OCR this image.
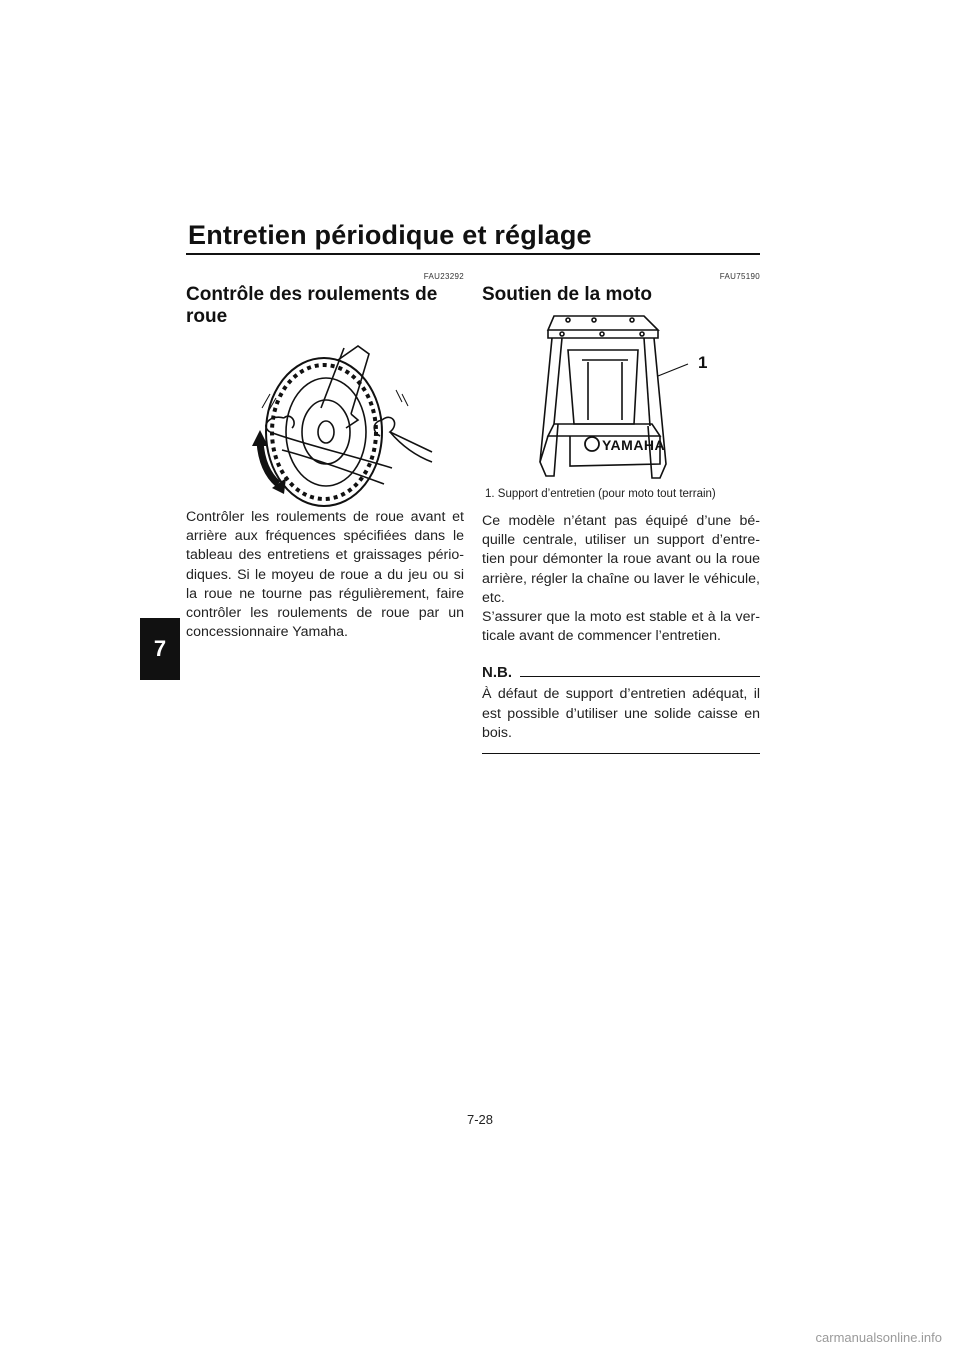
Entretien périodique et réglage
7
FAU23292
Contrôle des roulements de roue

Contrôler les roulements de roue avant et arrière aux fréquences spécifiées dans le tableau des entretiens et graissages pério-diques. Si le moyeu de roue a du jeu ou si la roue ne tourne pas régulièrement, faire contrôler les roulements de roue par un concessionnaire Yamaha.

FAU75190
Soutien de la moto
1
YAMAHA

1. Support d’entretien (pour moto tout terrain)

Ce modèle n’étant pas équipé d’une bé-quille centrale, utiliser un support d’entre-tien pour démonter la roue avant ou la roue arrière, régler la chaîne ou laver le véhicule, etc.

S’assurer que la moto est stable et à la ver-ticale avant de commencer l’entretien.

N.B.

À défaut de support d’entretien adéquat, il est possible d’utiliser une solide caisse en bois.

7-28
carmanualsonline.info
